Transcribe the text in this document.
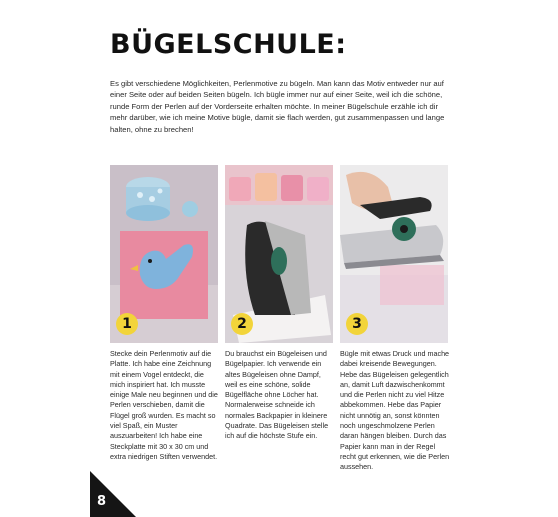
BÜGELSCHULE:
Es gibt verschiedene Möglichkeiten, Perlenmotive zu bügeln. Man kann das Motiv entweder nur auf einer Seite oder auf beiden Seiten bügeln. Ich bügle immer nur auf einer Seite, weil ich die schöne, runde Form der Perlen auf der Vorderseite erhalten möchte. In meiner Bügelschule erzähle ich dir mehr darüber, wie ich meine Motive bügle, damit sie flach werden, gut zusammenpassen und lange halten, ohne zu brechen!
1	2	3
Stecke dein Perlenmotiv auf die Platte. Ich habe eine Zeichnung mit einem Vogel entdeckt, die mich inspiriert hat. Ich musste einige Male neu beginnen und die Perlen verschieben, damit die Flügel groß wurden. Es macht so viel Spaß, ein Muster auszuarbeiten! Ich habe eine Steckplatte mit 30 x 30 cm und extra niedrigen Stiften verwendet.
Du brauchst ein Bügeleisen und Bügelpapier. Ich verwende ein altes Bügeleisen ohne Dampf, weil es eine schöne, solide Bügelfläche ohne Löcher hat. Normalerweise schneide ich normales Backpapier in kleinere Quadrate. Das Bügeleisen stelle ich auf die höchste Stufe ein.
Bügle mit etwas Druck und mache dabei kreisende Bewegungen. Hebe das Bügeleisen gelegentlich an, damit Luft dazwischenkommt und die Perlen nicht zu viel Hitze abbekommen. Hebe das Papier nicht unnötig an, sonst könnten noch ungeschmolzene Perlen daran hängen bleiben. Durch das Papier kann man in der Regel recht gut erkennen, wie die Perlen aussehen.
8
